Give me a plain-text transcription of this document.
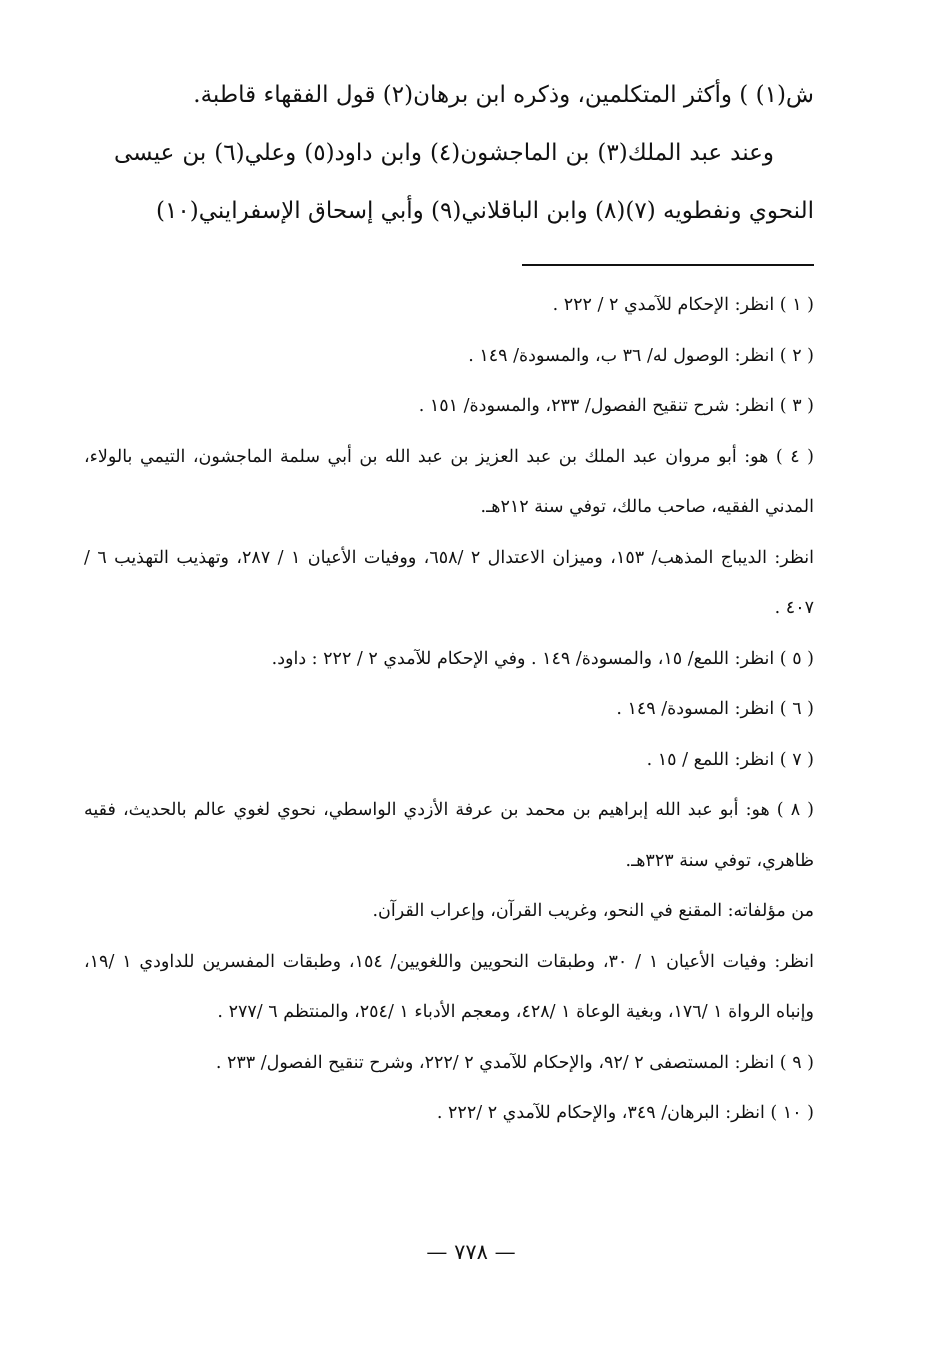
ش(١) ) وأكثر المتكلمين، وذكره ابن برهان(٢) قول الفقهاء قاطبة.

وعند عبد الملك(٣) بن الماجشون(٤) وابن داود(٥) وعلي(٦) بن عيسى النحوي ونفطويه (٧)(٨) وابن الباقلاني(٩) وأبي إسحاق الإسفرايني(١٠)

( ١ ) انظر: الإحكام للآمدي ٢ / ٢٢٢ .

( ٢ ) انظر: الوصول له/ ٣٦ ب، والمسودة/ ١٤٩ .

( ٣ ) انظر: شرح تنقيح الفصول/ ٢٣٣، والمسودة/ ١٥١ .

( ٤ ) هو: أبو مروان عبد الملك بن عبد العزيز بن عبد الله بن أبي سلمة الماجشون، التيمي بالولاء، المدني الفقيه، صاحب مالك، توفي سنة ٢١٢هـ.

انظر: الديباج المذهب/ ١٥٣، وميزان الاعتدال ٢ /٦٥٨، ووفيات الأعيان ١ / ٢٨٧، وتهذيب التهذيب ٦ / ٤٠٧ .

( ٥ ) انظر: اللمع/ ١٥، والمسودة/ ١٤٩ . وفي الإحكام للآمدي ٢ / ٢٢٢ : داود.

( ٦ ) انظر: المسودة/ ١٤٩ .

( ٧ ) انظر: اللمع / ١٥ .

( ٨ ) هو: أبو عبد الله إبراهيم بن محمد بن عرفة الأزدي الواسطي، نحوي لغوي عالم بالحديث، فقيه ظاهري، توفي سنة ٣٢٣هـ.

من مؤلفاته: المقنع في النحو، وغريب القرآن، وإعراب القرآن.

انظر: وفيات الأعيان ١ / ٣٠، وطبقات النحويين واللغويين/ ١٥٤، وطبقات المفسرين للداودي ١ /١٩، وإنباه الرواة ١ /١٧٦، وبغية الوعاة ١ /٤٢٨، ومعجم الأدباء ١ /٢٥٤، والمنتظم ٦ /٢٧٧ .

( ٩ ) انظر: المستصفى ٢ /٩٢، والإحكام للآمدي ٢ /٢٢٢، وشرح تنقيح الفصول/ ٢٣٣ .

( ١٠ ) انظر: البرهان/ ٣٤٩، والإحكام للآمدي ٢ /٢٢٢ .

— ٧٧٨ —
